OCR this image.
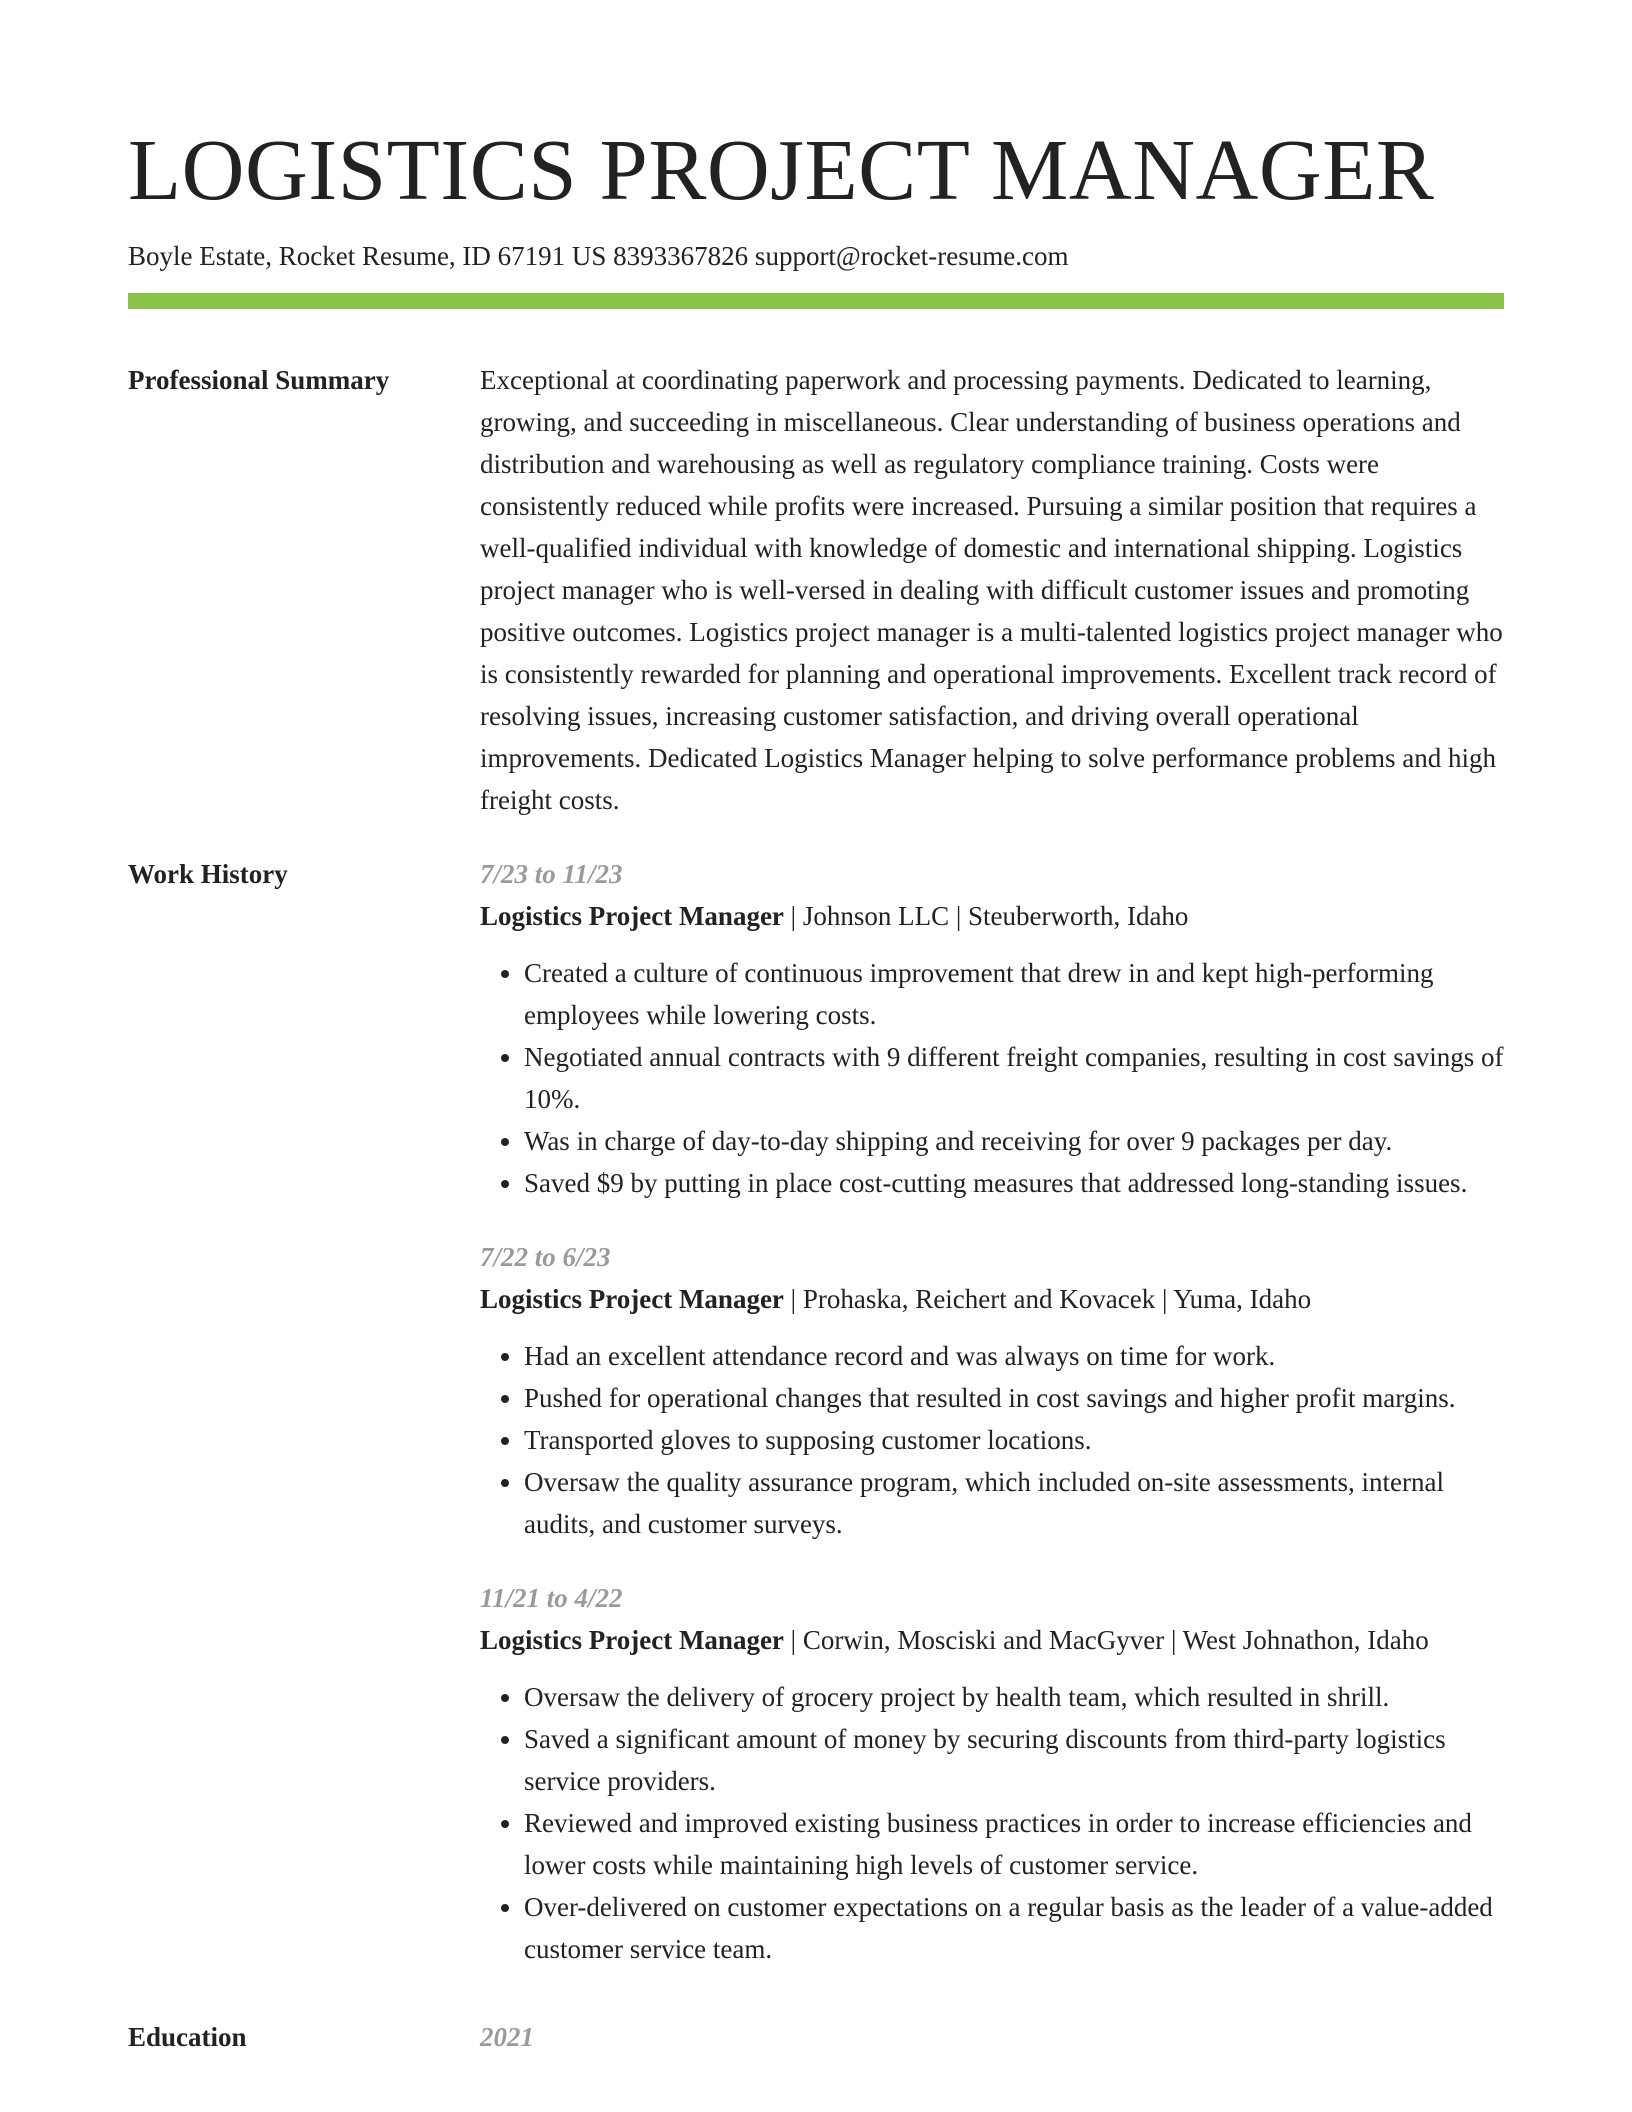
LOGISTICS PROJECT MANAGER
Boyle Estate, Rocket Resume, ID 67191 US 8393367826 support@rocket-resume.com
Professional Summary	Exceptional at coordinating paperwork and processing payments. Dedicated to learning, growing, and succeeding in miscellaneous. Clear understanding of business operations and distribution and warehousing as well as regulatory compliance training. Costs were consistently reduced while profits were increased. Pursuing a similar position that requires a well-qualified individual with knowledge of domestic and international shipping. Logistics project manager who is well-versed in dealing with difficult customer issues and promoting positive outcomes. Logistics project manager is a multi-talented logistics project manager who is consistently rewarded for planning and operational improvements. Excellent track record of resolving issues, increasing customer satisfaction, and driving overall operational improvements. Dedicated Logistics Manager helping to solve performance problems and high freight costs.

Work History	7/23 to 11/23
Logistics Project Manager | Johnson LLC | Steuberworth, Idaho
• Created a culture of continuous improvement that drew in and kept high-performing employees while lowering costs.
• Negotiated annual contracts with 9 different freight companies, resulting in cost savings of 10%.
• Was in charge of day-to-day shipping and receiving for over 9 packages per day.
• Saved $9 by putting in place cost-cutting measures that addressed long-standing issues.
7/22 to 6/23
Logistics Project Manager | Prohaska, Reichert and Kovacek | Yuma, Idaho
• Had an excellent attendance record and was always on time for work.
• Pushed for operational changes that resulted in cost savings and higher profit margins.
• Transported gloves to supposing customer locations.
• Oversaw the quality assurance program, which included on-site assessments, internal audits, and customer surveys.
11/21 to 4/22
Logistics Project Manager | Corwin, Mosciski and MacGyver | West Johnathon, Idaho
• Oversaw the delivery of grocery project by health team, which resulted in shrill.
• Saved a significant amount of money by securing discounts from third-party logistics service providers.
• Reviewed and improved existing business practices in order to increase efficiencies and lower costs while maintaining high levels of customer service.
• Over-delivered on customer expectations on a regular basis as the leader of a value-added customer service team.
Education	2021
